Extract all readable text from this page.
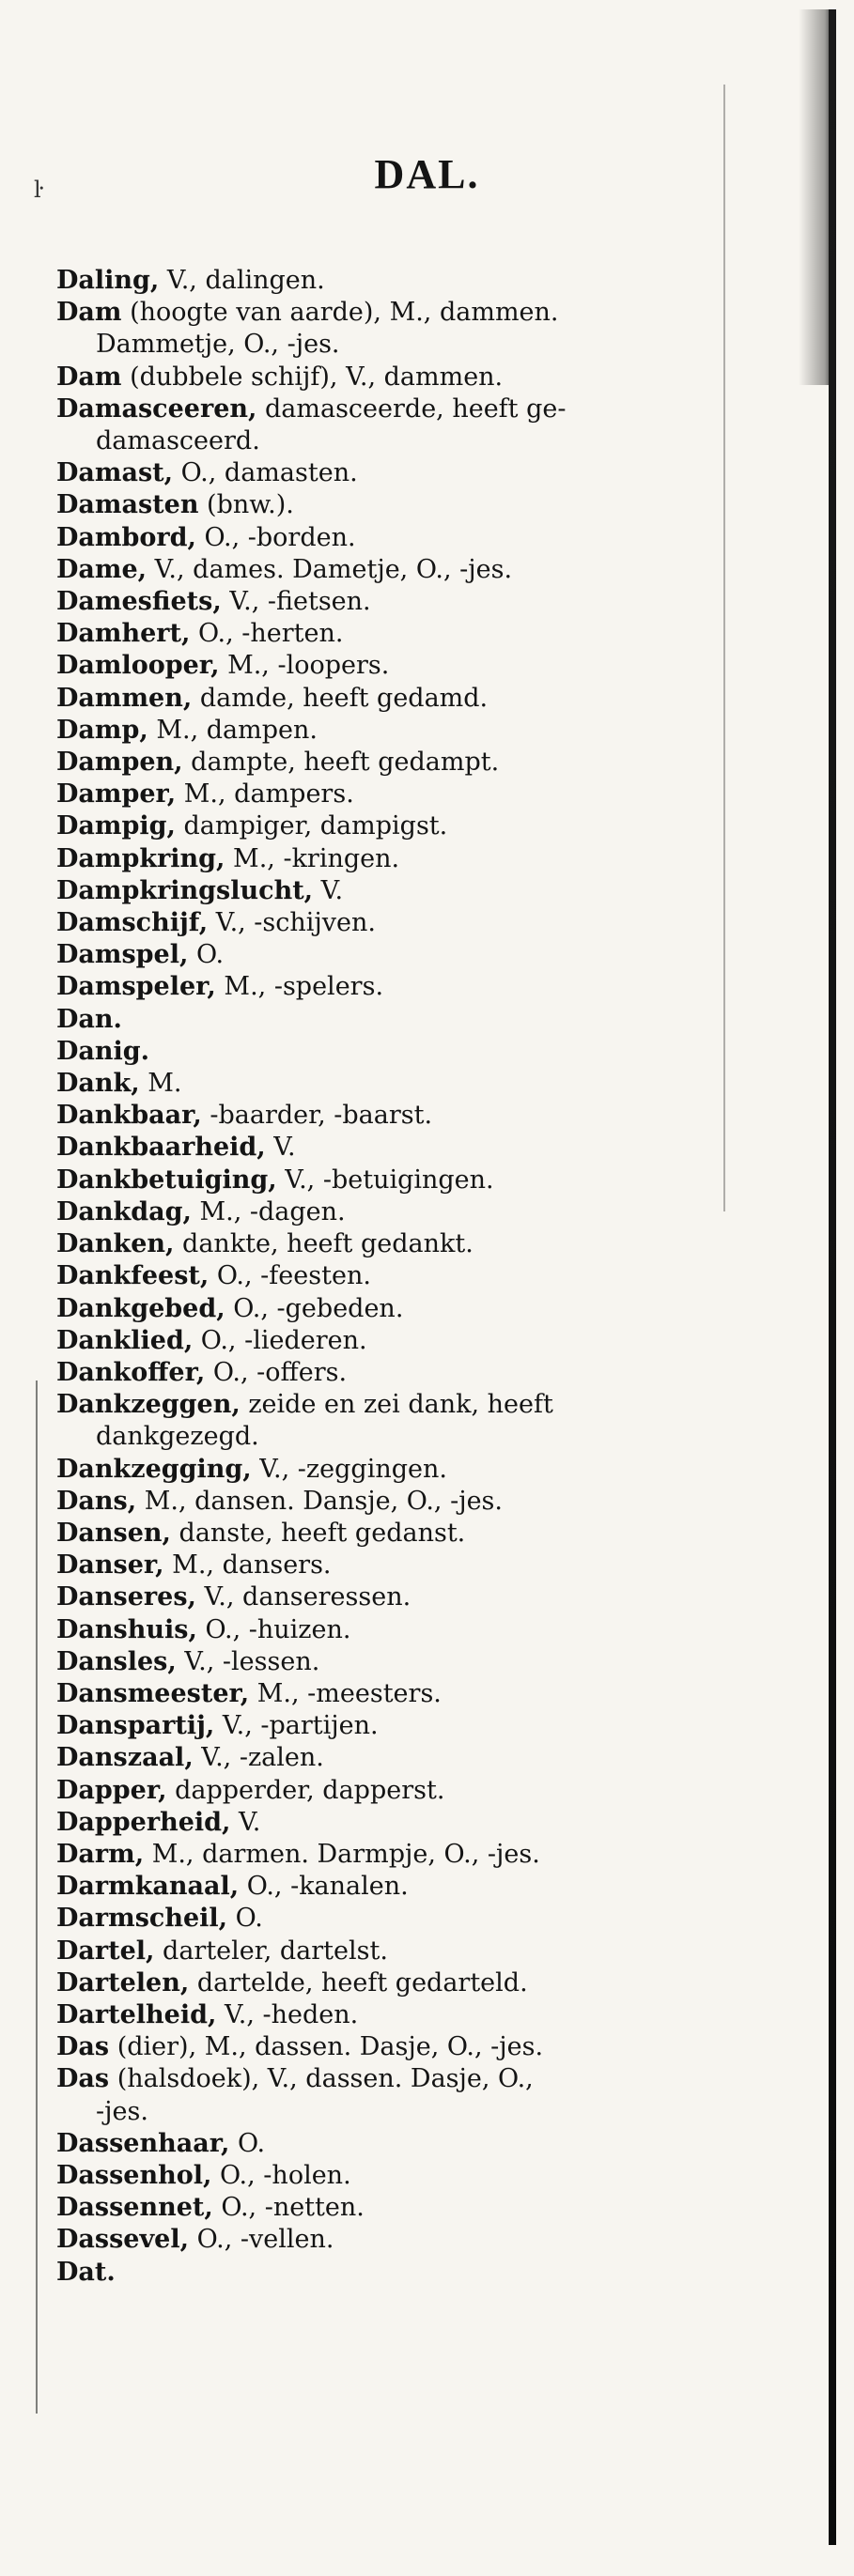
ŀ	DAL.
Daling, V., dalingen.
Dam (hoogte van aarde), M., dammen.
Dammetje, O., -jes.
Dam (dubbele schijf), V., dammen.
Damasceeren, damasceerde, heeft ge-
damasceerd.
Damast, O., damasten.
Damasten (bnw.).
Dambord, O., -borden.
Dame, V., dames. Dametje, O., -jes.
Damesfiets, V., -fietsen.
Damhert, O., -herten.
Damlooper, M., -loopers.
Dammen, damde, heeft gedamd.
Damp, M., dampen.
Dampen, dampte, heeft gedampt.
Damper, M., dampers.
Dampig, dampiger, dampigst.
Dampkring, M., -kringen.
Dampkringslucht, V.
Damschijf, V., -schijven.
Damspel, O.
Damspeler, M., -spelers.
Dan.
Danig.
Dank, M.
Dankbaar, -baarder, -baarst.
Dankbaarheid, V.
Dankbetuiging, V., -betuigingen.
Dankdag, M., -dagen.
Danken, dankte, heeft gedankt.
Dankfeest, O., -feesten.
Dankgebed, O., -gebeden.
Danklied, O., -liederen.
Dankoffer, O., -offers.
Dankzeggen, zeide en zei dank, heeft
dankgezegd.
Dankzegging, V., -zeggingen.
Dans, M., dansen. Dansje, O., -jes.
Dansen, danste, heeft gedanst.
Danser, M., dansers.
Danseres, V., danseressen.
Danshuis, O., -huizen.
Dansles, V., -lessen.
Dansmeester, M., -meesters.
Danspartij, V., -partijen.
Danszaal, V., -zalen.
Dapper, dapperder, dapperst.
Dapperheid, V.
Darm, M., darmen. Darmpje, O., -jes.
Darmkanaal, O., -kanalen.
Darmscheil, O.
Dartel, darteler, dartelst.
Dartelen, dartelde, heeft gedarteld.
Dartelheid, V., -heden.
Das (dier), M., dassen. Dasje, O., -jes.
Das (halsdoek), V., dassen. Dasje, O.,
-jes.
Dassenhaar, O.
Dassenhol, O., -holen.
Dassennet, O., -netten.
Dassevel, O., -vellen.
Dat.
